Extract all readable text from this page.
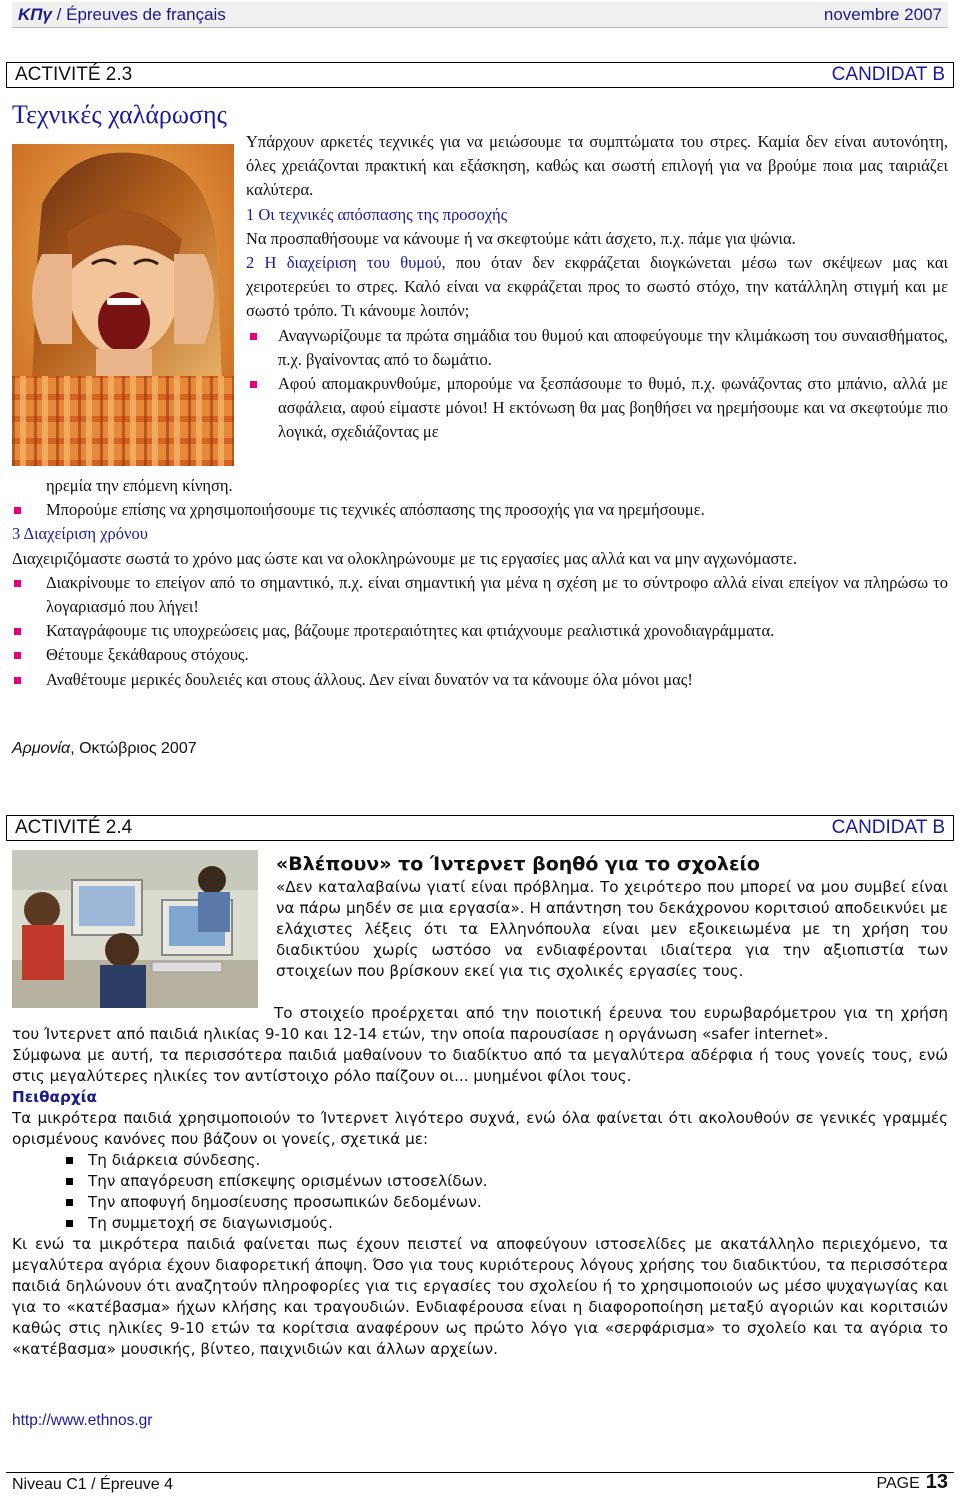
ΚΠγ / Épreuves de français	novembre 2007
ACTIVITÉ 2.3	CANDIDAT B
Τεχνικές χαλάρωσης

Υπάρχουν αρκετές τεχνικές για να μειώσουμε τα συμπτώματα του στρες. Καμία δεν είναι αυτονόητη, όλες χρειάζονται πρακτική και εξάσκηση, καθώς και σωστή επιλογή για να βρούμε ποια μας ταιριάζει καλύτερα.

1 Οι τεχνικές απόσπασης της προσοχής

Να προσπαθήσουμε να κάνουμε ή να σκεφτούμε κάτι άσχετο, π.χ. πάμε για ψώνια.

2 Η διαχείριση του θυμού, που όταν δεν εκφράζεται διογκώνεται μέσω των σκέψεων μας και χειροτερεύει το στρες. Καλό είναι να εκφράζεται προς το σωστό στόχο, την κατάλληλη στιγμή και με σωστό τρόπο. Τι κάνουμε λοιπόν;

Αναγνωρίζουμε τα πρώτα σημάδια του θυμού και αποφεύγουμε την κλιμάκωση του συναισθήματος, π.χ. βγαίνοντας από το δωμάτιο.
Αφού απομακρυνθούμε, μπορούμε να ξεσπάσουμε το θυμό, π.χ. φωνάζοντας στο μπάνιο, αλλά με ασφάλεια, αφού είμαστε μόνοι! Η εκτόνωση θα μας βοηθήσει να ηρεμήσουμε και να σκεφτούμε πιο λογικά, σχεδιάζοντας με

ηρεμία την επόμενη κίνηση.

Μπορούμε επίσης να χρησιμοποιήσουμε τις τεχνικές απόσπασης της προσοχής για να ηρεμήσουμε.

3 Διαχείριση χρόνου

Διαχειριζόμαστε σωστά το χρόνο μας ώστε και να ολοκληρώνουμε με τις εργασίες μας αλλά και να μην αγχωνόμαστε.

Διακρίνουμε το επείγον από το σημαντικό, π.χ. είναι σημαντική για μένα η σχέση με το σύντροφο αλλά είναι επείγον να πληρώσω το λογαριασμό που λήγει!
Καταγράφουμε τις υποχρεώσεις μας, βάζουμε προτεραιότητες και φτιάχνουμε ρεαλιστικά χρονοδιαγράμματα.
Θέτουμε ξεκάθαρους στόχους.
Αναθέτουμε μερικές δουλειές και στους άλλους. Δεν είναι δυνατόν να τα κάνουμε όλα μόνοι μας!
Αρμονία, Οκτώβριος 2007
ACTIVITÉ 2.4	CANDIDAT B
«Βλέπουν» το Ίντερνετ βοηθό για το σχολείο

«Δεν καταλαβαίνω γιατί είναι πρόβλημα. Το χειρότερο που μπορεί να μου συμβεί είναι να πάρω μηδέν σε μια εργασία». Η απάντηση του δεκάχρονου κοριτσιού αποδεικνύει με ελάχιστες λέξεις ότι τα Ελληνόπουλα είναι μεν εξοικειωμένα με τη χρήση του διαδικτύου χωρίς ωστόσο να ενδιαφέρονται ιδιαίτερα για την αξιοπιστία των στοιχείων που βρίσκουν εκεί για τις σχολικές εργασίες τους.

Το στοιχείο προέρχεται από την ποιοτική έρευνα του ευρωβαρόμετρου για τη χρήση του Ίντερνετ από παιδιά ηλικίας 9-10 και 12-14 ετών, την οποία παρουσίασε η οργάνωση «safer internet».

Σύμφωνα με αυτή, τα περισσότερα παιδιά μαθαίνουν το διαδίκτυο από τα μεγαλύτερα αδέρφια ή τους γονείς τους, ενώ στις μεγαλύτερες ηλικίες τον αντίστοιχο ρόλο παίζουν οι... μυημένοι φίλοι τους.

Πειθαρχία

Τα μικρότερα παιδιά χρησιμοποιούν το Ίντερνετ λιγότερο συχνά, ενώ όλα φαίνεται ότι ακολουθούν σε γενικές γραμμές ορισμένους κανόνες που βάζουν οι γονείς, σχετικά με:

Τη διάρκεια σύνδεσης.
Την απαγόρευση επίσκεψης ορισμένων ιστοσελίδων.
Την αποφυγή δημοσίευσης προσωπικών δεδομένων.
Τη συμμετοχή σε διαγωνισμούς.

Κι ενώ τα μικρότερα παιδιά φαίνεται πως έχουν πειστεί να αποφεύγουν ιστοσελίδες με ακατάλληλο περιεχόμενο, τα μεγαλύτερα αγόρια έχουν διαφορετική άποψη. Όσο για τους κυριότερους λόγους χρήσης του διαδικτύου, τα περισσότερα παιδιά δηλώνουν ότι αναζητούν πληροφορίες για τις εργασίες του σχολείου ή το χρησιμοποιούν ως μέσο ψυχαγωγίας και για το «κατέβασμα» ήχων κλήσης και τραγουδιών. Ενδιαφέρουσα είναι η διαφοροποίηση μεταξύ αγοριών και κοριτσιών καθώς στις ηλικίες 9-10 ετών τα κορίτσια αναφέρουν ως πρώτο λόγο για «σερφάρισμα» το σχολείο και τα αγόρια το «κατέβασμα» μουσικής, βίντεο, παιχνιδιών και άλλων αρχείων.

http://www.ethnos.gr
Niveau C1 / Épreuve 4	PAGE 13
